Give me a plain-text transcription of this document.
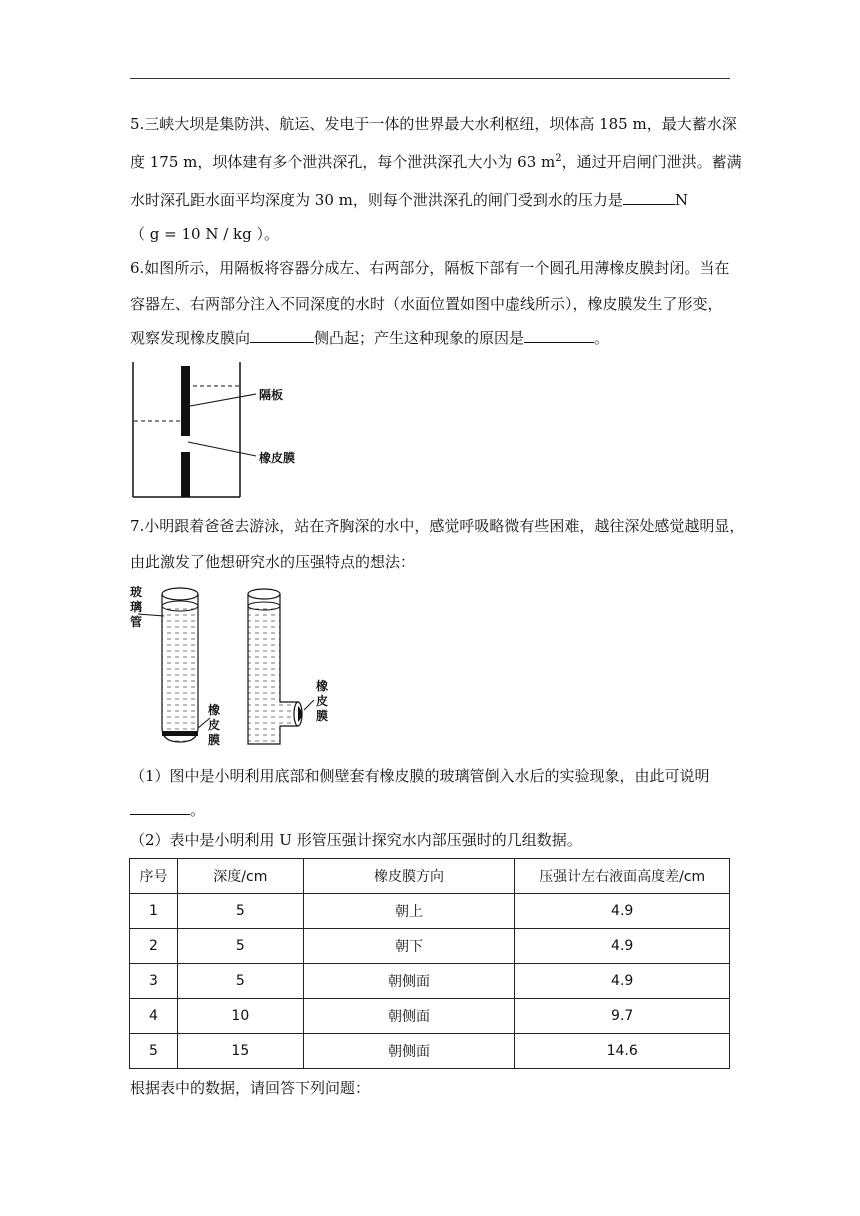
5.三峡大坝是集防洪、航运、发电于一体的世界最大水利枢纽，坝体高 185 m，最大蓄水深
度 175 m，坝体建有多个泄洪深孔，每个泄洪深孔大小为 63 $m^2$，通过开启闸门泄洪。蓄满
水时深孔距水面平均深度为 30 m，则每个泄洪深孔的闸门受到水的压力是	N
（ g = 10 N / kg ）。
6.如图所示，用隔板将容器分成左、右两部分，隔板下部有一个圆孔用薄橡皮膜封闭。当在
容器左、右两部分注入不同深度的水时（水面位置如图中虚线所示），橡皮膜发生了形变，
观察发现橡皮膜向	侧凸起；产生这种现象的原因是	。
隔板
橡皮膜
7.小明跟着爸爸去游泳，站在齐胸深的水中，感觉呼吸略微有些困难，越往深处感觉越明显，
由此激发了他想研究水的压强特点的想法：
玻
璃
管
橡
皮
膜
橡
皮
膜
（1）图中是小明利用底部和侧壁套有橡皮膜的玻璃管倒入水后的实验现象，由此可说明
。
（2）表中是小明利用 U 形管压强计探究水内部压强时的几组数据。
序号	深度/cm	橡皮膜方向	压强计左右液面高度差/cm
1	5	朝上	4.9
2	5	朝下	4.9
3	5	朝侧面	4.9
4	10	朝侧面	9.7
5	15	朝侧面	14.6
根据表中的数据，请回答下列问题：
